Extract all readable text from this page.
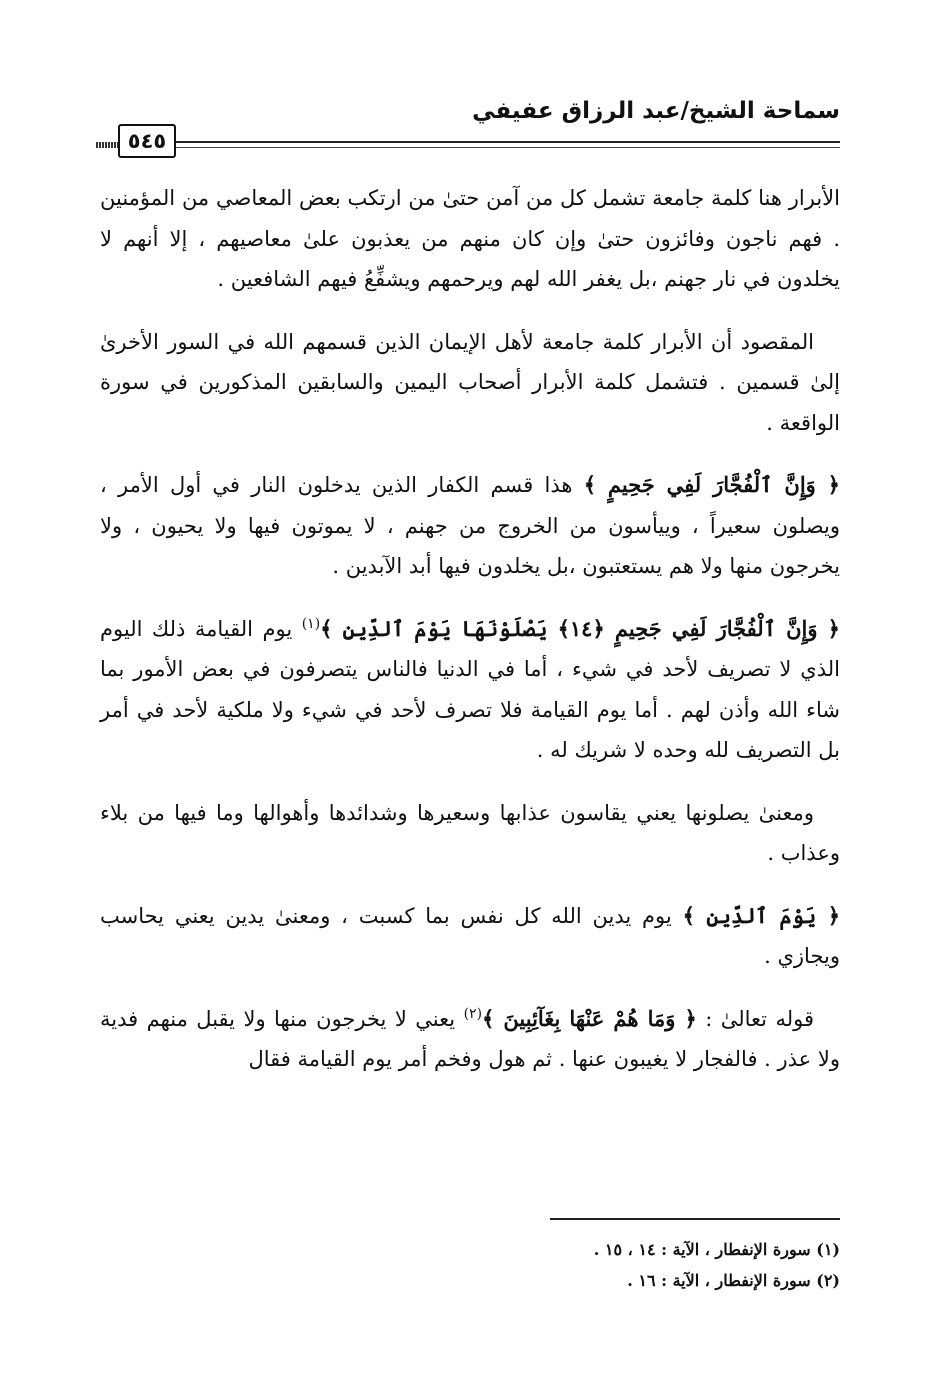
سماحة الشيخ/عبد الرزاق عفيفي
٥٤٥

الأبرار هنا كلمة جامعة تشمل كل من آمن حتىٰ من ارتكب بعض المعاصي من المؤمنين . فهم ناجون وفائزون حتىٰ وإن كان منهم من يعذبون علىٰ معاصيهم ، إلا أنهم لا يخلدون في نار جهنم ،بل يغفر الله لهم ويرحمهم ويشفِّعُ فيهم الشافعين .

المقصود أن الأبرار كلمة جامعة لأهل الإيمان الذين قسمهم الله في السور الأخرىٰ إلىٰ قسمين . فتشمل كلمة الأبرار أصحاب اليمين والسابقين المذكورين في سورة الواقعة .

﴿ وَإِنَّ ٱلْفُجَّارَ لَفِي جَحِيمٍ ﴾ هذا قسم الكفار الذين يدخلون النار في أول الأمر ، ويصلون سعيراً ، وييأسون من الخروج من جهنم ، لا يموتون فيها ولا يحيون ، ولا يخرجون منها ولا هم يستعتبون ،بل يخلدون فيها أبد الآبدين .

﴿ وَإِنَّ ٱلْفُجَّارَ لَفِي جَحِيمٍ ﴿١٤﴾ يَصْلَوْنَهَا يَوْمَ ٱلدِّينِ ﴾$^{(١)}$ يوم القيامة ذلك اليوم الذي لا تصريف لأحد في شيء ، أما في الدنيا فالناس يتصرفون في بعض الأمور بما شاء الله وأذن لهم . أما يوم القيامة فلا تصرف لأحد في شيء ولا ملكية لأحد في أمر بل التصريف لله وحده لا شريك له .

ومعنىٰ يصلونها يعني يقاسون عذابها وسعيرها وشدائدها وأهوالها وما فيها من بلاء وعذاب .

﴿ يَوْمَ ٱلدِّينِ ﴾ يوم يدين الله كل نفس بما كسبت ، ومعنىٰ يدين يعني يحاسب ويجازي .

قوله تعالىٰ : ﴿ وَمَا هُمْ عَنْهَا بِغَآئِبِينَ ﴾$^{(٢)}$ يعني لا يخرجون منها ولا يقبل منهم فدية ولا عذر . فالفجار لا يغيبون عنها . ثم هول وفخم أمر يوم القيامة فقال

(١) سورة الإنفطار ، الآية : ١٤ ، ١٥ .

(٢) سورة الإنفطار ، الآية : ١٦ .
